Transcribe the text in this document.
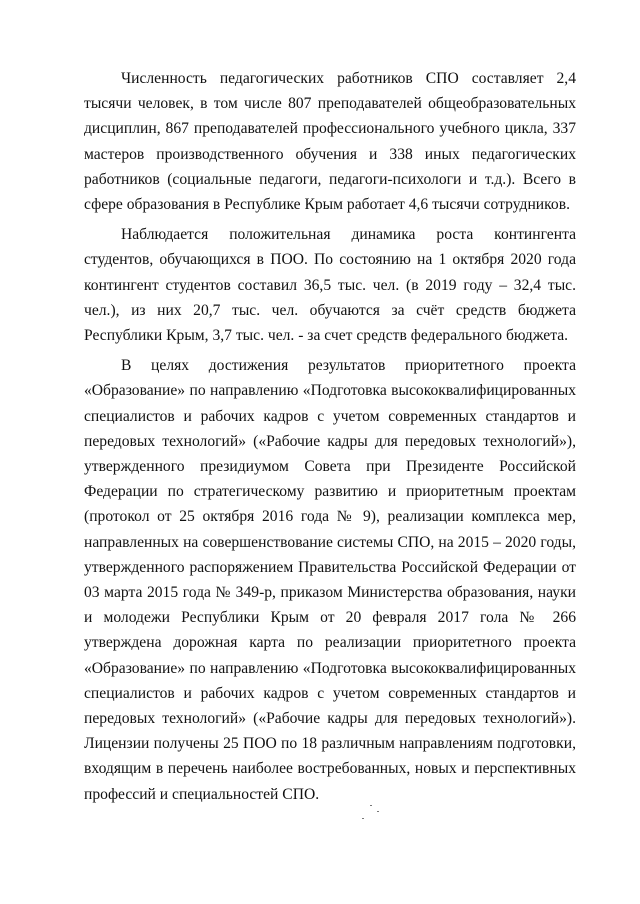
Численность педагогических работников СПО составляет 2,4 тысячи человек, в том числе 807 преподавателей общеобразовательных дисциплин, 867 преподавателей профессионального учебного цикла, 337 мастеров производственного обучения и 338 иных педагогических работников (социальные педагоги, педагоги-психологи и т.д.). Всего в сфере образования в Республике Крым работает 4,6 тысячи сотрудников.

Наблюдается положительная динамика роста контингента студентов, обучающихся в ПОО. По состоянию на 1 октября 2020 года контингент студентов составил 36,5 тыс. чел. (в 2019 году – 32,4 тыс. чел.), из них 20,7 тыс. чел. обучаются за счёт средств бюджета Республики Крым, 3,7 тыс. чел. - за счет средств федерального бюджета.

В целях достижения результатов приоритетного проекта «Образование» по направлению «Подготовка высококвалифицированных специалистов и рабочих кадров с учетом современных стандартов и передовых технологий» («Рабочие кадры для передовых технологий»), утвержденного президиумом Совета при Президенте Российской Федерации по стратегическому развитию и приоритетным проектам (протокол от 25 октября 2016 года № 9), реализации комплекса мер, направленных на совершенствование системы СПО, на 2015 – 2020 годы, утвержденного распоряжением Правительства Российской Федерации от 03 марта 2015 года № 349-р, приказом Министерства образования, науки и молодежи Республики Крым от 20 февраля 2017 гола № 266 утверждена дорожная карта по реализации приоритетного проекта «Образование» по направлению «Подготовка высококвалифицированных специалистов и рабочих кадров с учетом современных стандартов и передовых технологий» («Рабочие кадры для передовых технологий»). Лицензии получены 25 ПОО по 18 различным направлениям подготовки, входящим в перечень наиболее востребованных, новых и перспективных профессий и специальностей СПО.
